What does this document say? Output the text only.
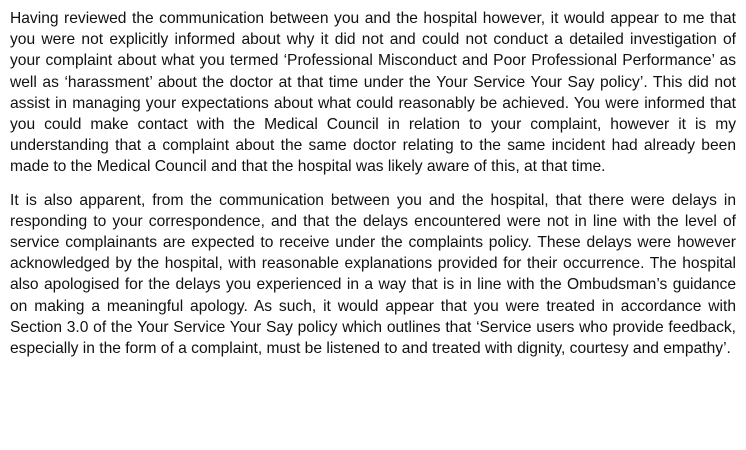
Having reviewed the communication between you and the hospital however, it would appear to me that you were not explicitly informed about why it did not and could not conduct a detailed investigation of your complaint about what you termed ‘Professional Misconduct and Poor Professional Performance’ as well as ‘harassment’ about the doctor at that time under the Your Service Your Say policy’. This did not assist in managing your expectations about what could reasonably be achieved. You were informed that you could make contact with the Medical Council in relation to your complaint, however it is my understanding that a complaint about the same doctor relating to the same incident had already been made to the Medical Council and that the hospital was likely aware of this, at that time.

It is also apparent, from the communication between you and the hospital, that there were delays in responding to your correspondence, and that the delays encountered were not in line with the level of service complainants are expected to receive under the complaints policy. These delays were however acknowledged by the hospital, with reasonable explanations provided for their occurrence. The hospital also apologised for the delays you experienced in a way that is in line with the Ombudsman’s guidance on making a meaningful apology. As such, it would appear that you were treated in accordance with Section 3.0 of the Your Service Your Say policy which outlines that ‘Service users who provide feedback, especially in the form of a complaint, must be listened to and treated with dignity, courtesy and empathy’.
